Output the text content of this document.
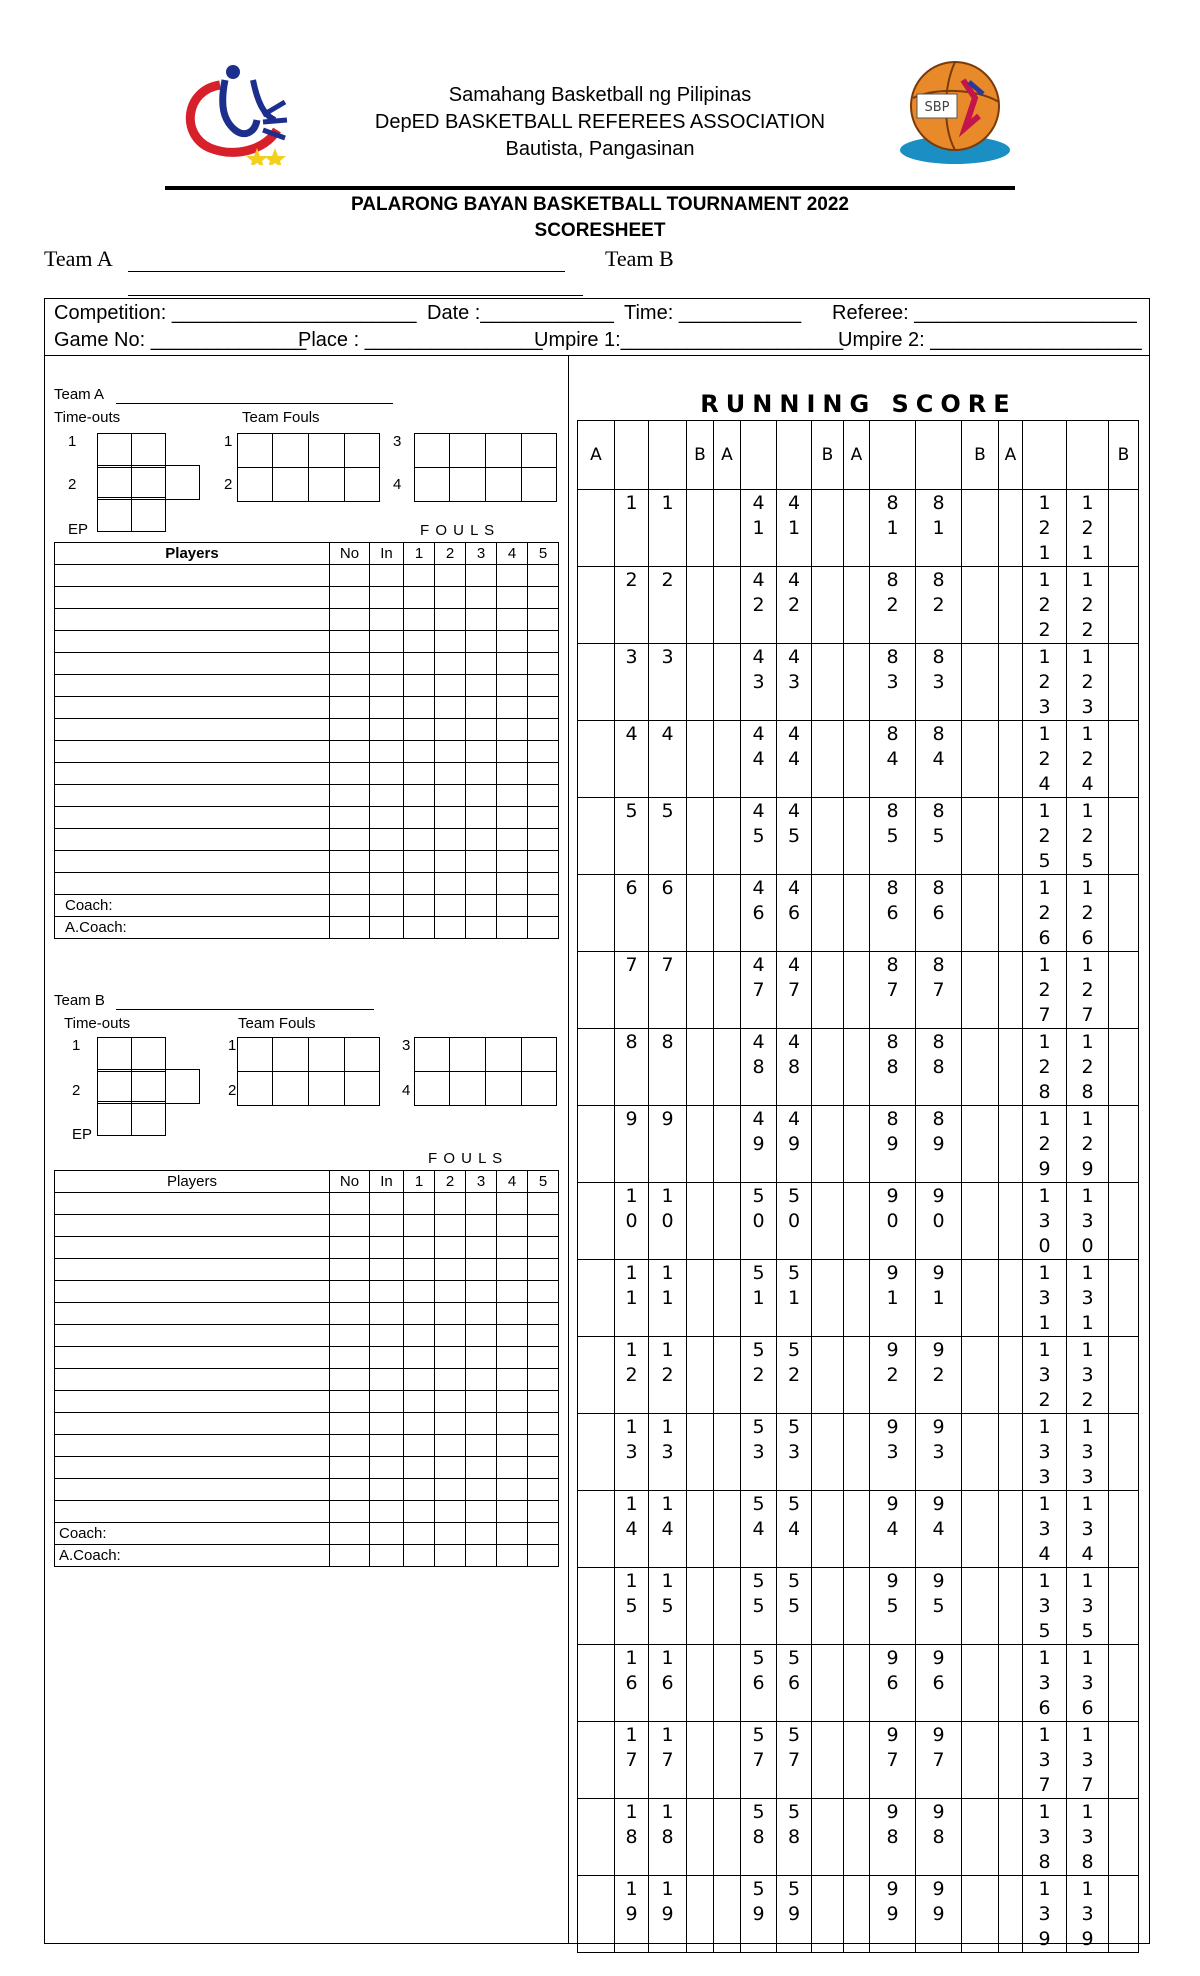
SBP
Samahang Basketball ng Pilipinas
DepED BASKETBALL REFEREES ASSOCIATION
Bautista, Pangasinan
PALARONG BAYAN BASKETBALL TOURNAMENT 2022
SCORESHEET
Team A	Team B
Competition: ______________________ Date :____________ Time: ___________ Referee: ____________________
Game No: ______________
Place : ________________
Umpire 1:____________________
Umpire 2: ___________________
Team A
Time-outs	Team Fouls
1
2
EP
1
2
3
4
F O U L S
Players	No	In	1	2	3	4	5

Coach:							
A.Coach:							
Team B
Time-outs	Team Fouls
1
2
EP
1
2
3
4
F O U L S
Players	No	In	1	2	3	4	5

Coach:							
A.Coach:							
RUNNING SCORE
A			B	A			B	A			B	A			B

	1	1			41	41			81	81			121	121	

	2	2			42	42			82	82			122	122	

	3	3			43	43			83	83			123	123	

	4	4			44	44			84	84			124	124	

	5	5			45	45			85	85			125	125	

	6	6			46	46			86	86			126	126	

	7	7			47	47			87	87			127	127	

	8	8			48	48			88	88			128	128	

	9	9			49	49			89	89			129	129	

	10	10			50	50			90	90			130	130	

	11	11			51	51			91	91			131	131	

	12	12			52	52			92	92			132	132	

	13	13			53	53			93	93			133	133	

	14	14			54	54			94	94			134	134	

	15	15			55	55			95	95			135	135	

	16	16			56	56			96	96			136	136	

	17	17			57	57			97	97			137	137	

	18	18			58	58			98	98			138	138	

	19	19			59	59			99	99			139	139	
